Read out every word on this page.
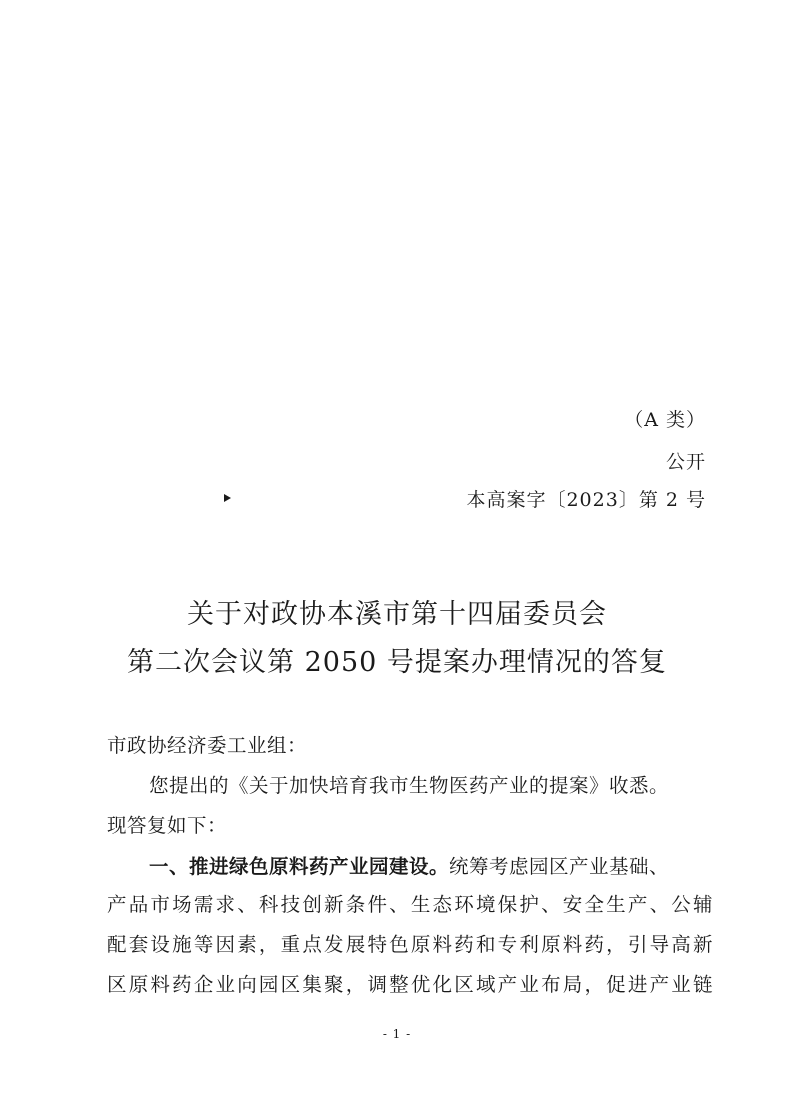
（A 类）
公开
本高案字〔2023〕第 2 号
关于对政协本溪市第十四届委员会
第二次会议第 2050 号提案办理情况的答复
市政协经济委工业组：
您提出的《关于加快培育我市生物医药产业的提案》收悉。
现答复如下：
一、推进绿色原料药产业园建设。统筹考虑园区产业基础、
产品市场需求、科技创新条件、生态环境保护、安全生产、公辅
配套设施等因素，重点发展特色原料药和专利原料药，引导高新
区原料药企业向园区集聚，调整优化区域产业布局，促进产业链
- 1 -
